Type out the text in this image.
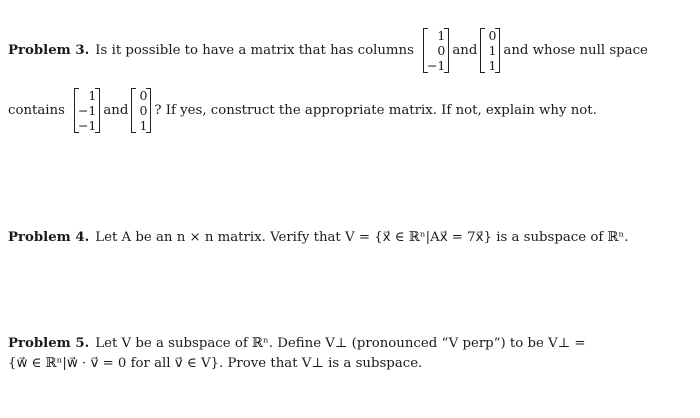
Problem 3. Is it possible to have a matrix that has columns
1
0
−1
and
0
1
1
and whose null space
contains
1
−1
−1
and
0
0
1
? If yes, construct the appropriate matrix. If not, explain why not.
Problem 4. Let A be an n × n matrix. Verify that V = {x⃗ ∈ ℝⁿ|Ax⃗ = 7x⃗} is a subspace of ℝⁿ.
Problem 5. Let V be a subspace of ℝⁿ. Define V⊥ (pronounced “V perp”) to be V⊥ =
{w⃗ ∈ ℝⁿ|w⃗ · v⃗ = 0 for all v⃗ ∈ V}. Prove that V⊥ is a subspace.
